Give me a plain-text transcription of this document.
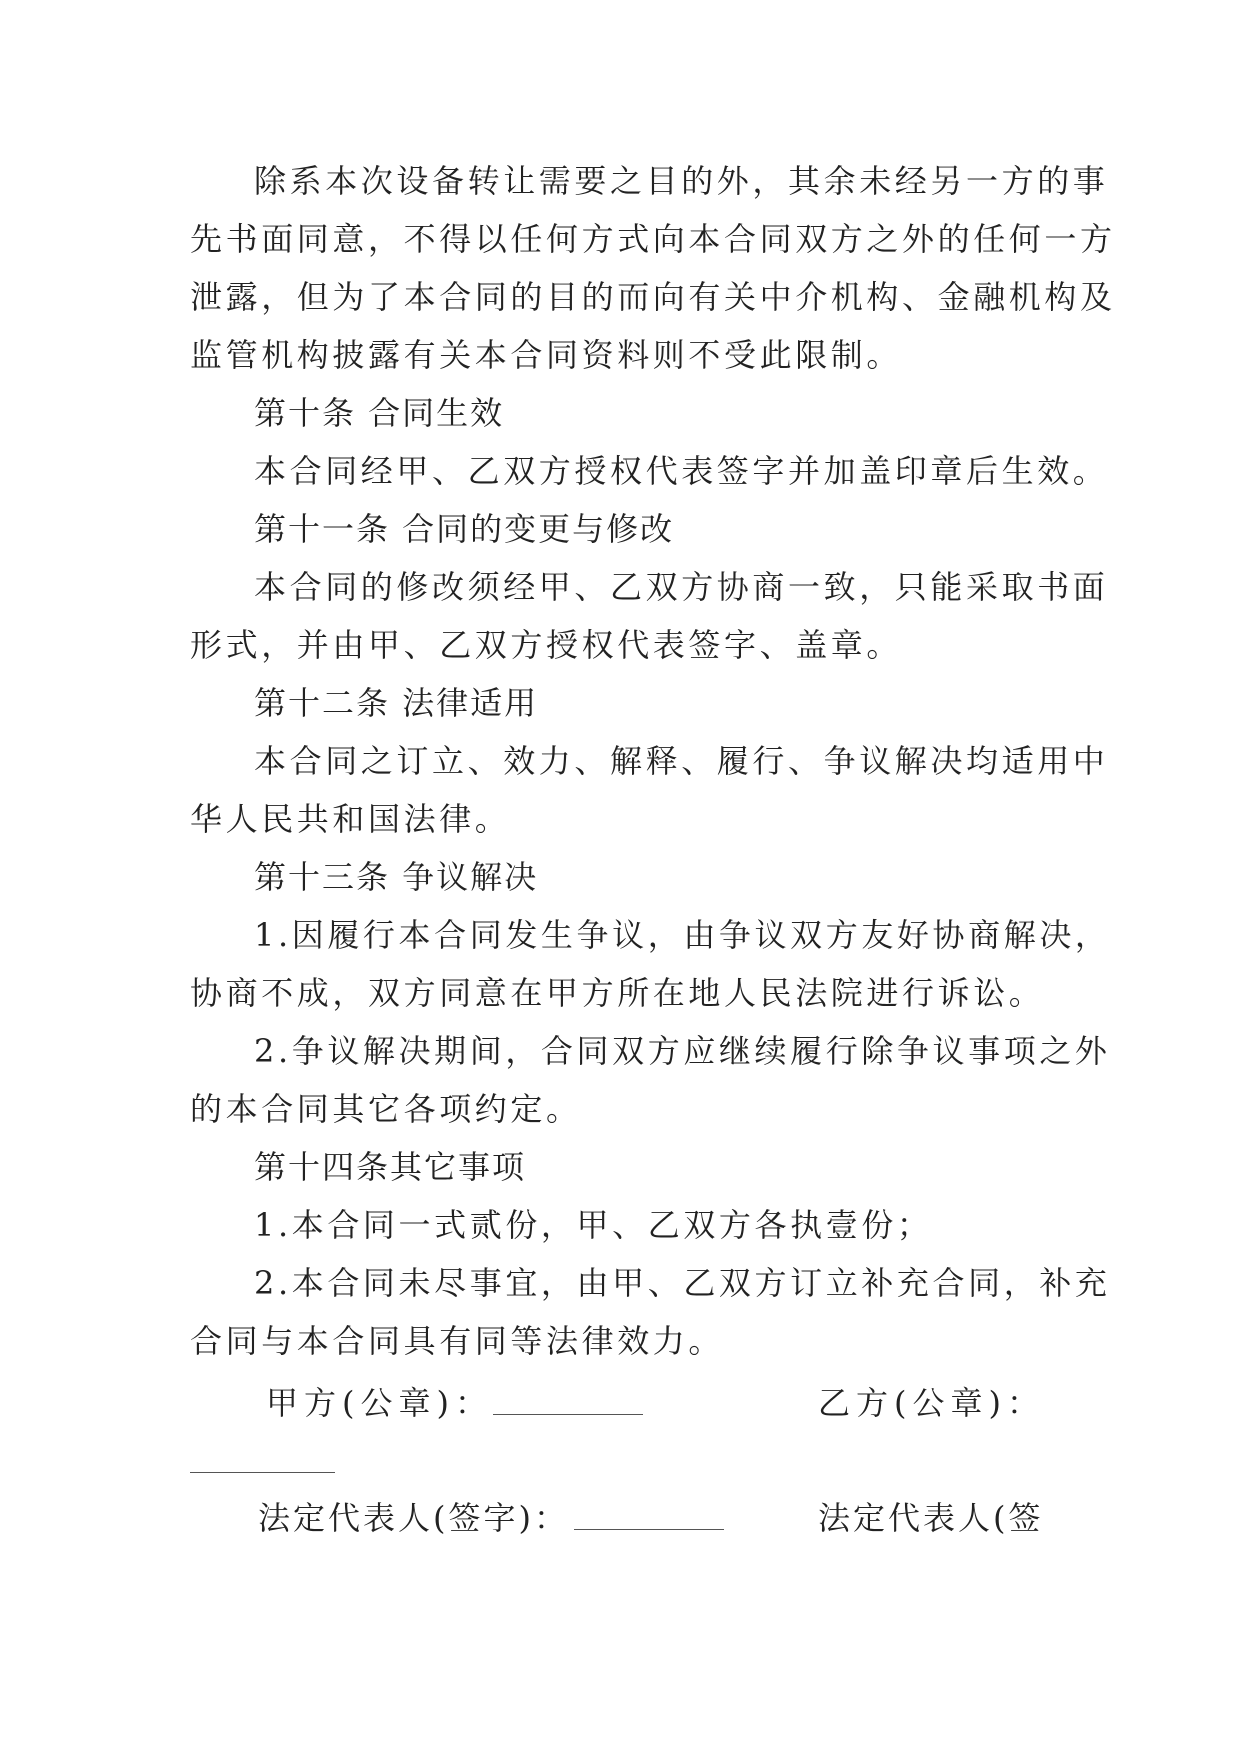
除系本次设备转让需要之目的外，其余未经另一方的事
先书面同意，不得以任何方式向本合同双方之外的任何一方
泄露，但为了本合同的目的而向有关中介机构、金融机构及
监管机构披露有关本合同资料则不受此限制。
第十条 合同生效
本合同经甲、乙双方授权代表签字并加盖印章后生效。
第十一条 合同的变更与修改
本合同的修改须经甲、乙双方协商一致，只能采取书面
形式，并由甲、乙双方授权代表签字、盖章。
第十二条 法律适用
本合同之订立、效力、解释、履行、争议解决均适用中
华人民共和国法律。
第十三条 争议解决
1.因履行本合同发生争议，由争议双方友好协商解决，
协商不成，双方同意在甲方所在地人民法院进行诉讼。
2.争议解决期间，合同双方应继续履行除争议事项之外
的本合同其它各项约定。
第十四条其它事项
1.本合同一式贰份，甲、乙双方各执壹份；
2.本合同未尽事宜，由甲、乙双方订立补充合同，补充
合同与本合同具有同等法律效力。
甲方(公章)：	乙方(公章)：
法定代表人(签字)：	法定代表人(签
